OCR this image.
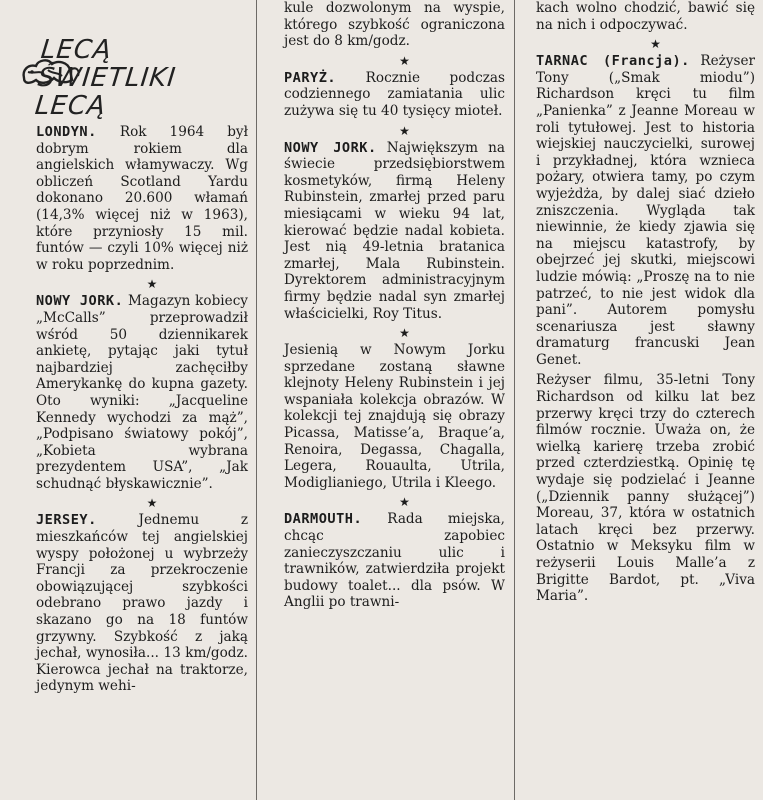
LECĄ ŚWIETLIKI LECĄ

LONDYN. Rok 1964 był dobrym rokiem dla angielskich włamywaczy. Wg obliczeń Scotland Yardu dokonano 20.600 włamań (14,3% więcej niż w 1963), które przyniosły 15 mil. funtów — czyli 10% więcej niż w roku poprzednim.

★

NOWY JORK. Magazyn kobiecy „McCalls” przeprowadził wśród 50 dziennikarek ankietę, pytając jaki tytuł najbardziej zachęciłby Amerykankę do kupna gazety. Oto wyniki: „Jacqueline Kennedy wychodzi za mąż”, „Podpisano światowy pokój”, „Kobieta wybrana prezydentem USA”, „Jak schudnąć błyskawicznie”.

★

JERSEY. Jednemu z mieszkańców tej angielskiej wyspy położonej u wybrzeży Francji za przekroczenie obowiązującej szybkości odebrano prawo jazdy i skazano go na 18 funtów grzywny. Szybkość z jaką jechał, wynosiła... 13 km/godz. Kierowca jechał na traktorze, jedynym wehi-

kule dozwolonym na wyspie, którego szybkość ograniczona jest do 8 km/godz.

★

PARYŻ. Rocznie podczas codziennego zamiatania ulic zużywa się tu 40 tysięcy mioteł.

★

NOWY JORK. Największym na świecie przedsiębiorstwem kosmetyków, firmą Heleny Rubinstein, zmarłej przed paru miesiącami w wieku 94 lat, kierować będzie nadal kobieta. Jest nią 49-letnia bratanica zmarłej, Mala Rubinstein. Dyrektorem administracyjnym firmy będzie nadal syn zmarłej właścicielki, Roy Titus.

★

Jesienią w Nowym Jorku sprzedane zostaną sławne klejnoty Heleny Rubinstein i jej wspaniała kolekcja obrazów. W kolekcji tej znajdują się obrazy Picassa, Matisse’a, Braque’a, Renoira, Degassa, Chagalla, Legera, Rouaulta, Utrila, Modiglianiego, Utrila i Kleego.

★

DARMOUTH. Rada miejska, chcąc zapobiec zanieczyszczaniu ulic i trawników, zatwierdziła projekt budowy toalet... dla psów. W Anglii po trawni-

kach wolno chodzić, bawić się na nich i odpoczywać.

★

TARNAC (Francja). Reżyser Tony („Smak miodu”) Richardson kręci tu film „Panienka” z Jeanne Moreau w roli tytułowej. Jest to historia wiejskiej nauczycielki, surowej i przykładnej, która wznieca pożary, otwiera tamy, po czym wyjeżdża, by dalej siać dzieło zniszczenia. Wygląda tak niewinnie, że kiedy zjawia się na miejscu katastrofy, by obejrzeć jej skutki, miejscowi ludzie mówią: „Proszę na to nie patrzeć, to nie jest widok dla pani”. Autorem pomysłu scenariusza jest sławny dramaturg francuski Jean Genet.

Reżyser filmu, 35-letni Tony Richardson od kilku lat bez przerwy kręci trzy do czterech filmów rocznie. Uważa on, że wielką karierę trzeba zrobić przed czterdziestką. Opinię tę wydaje się podzielać i Jeanne („Dziennik panny służącej”) Moreau, 37, która w ostatnich latach kręci bez przerwy. Ostatnio w Meksyku film w reżyserii Louis Malle’a z Brigitte Bardot, pt. „Viva Maria”.
